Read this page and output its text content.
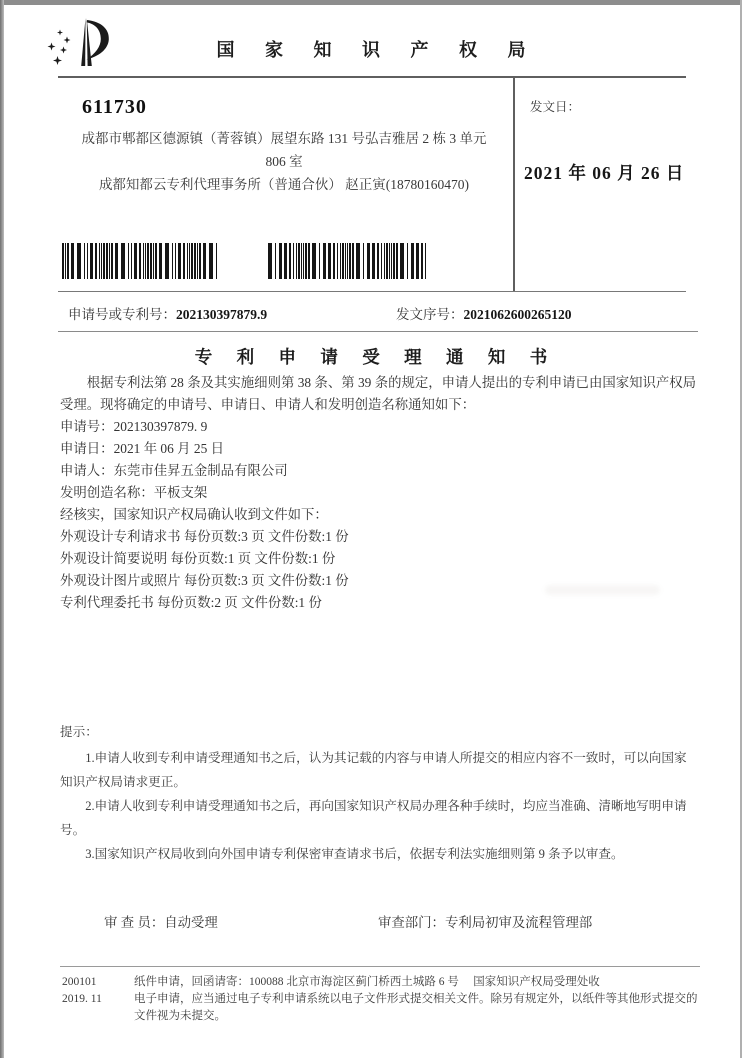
国 家 知 识 产 权 局
611730

成都市郫都区德源镇（菁蓉镇）展望东路 131 号弘吉雅居 2 栋 3 单元

806 室

成都知都云专利代理事务所（普通合伙） 赵正寅(18780160470)

发文日：
2021 年 06 月 26 日
申请号或专利号：202130397879.9	发文序号：2021062600265120
专 利 申 请 受 理 通 知 书

根据专利法第 28 条及其实施细则第 38 条、第 39 条的规定，申请人提出的专利申请已由国家知识产权局受理。现将确定的申请号、申请日、申请人和发明创造名称通知如下：

申请号：202130397879. 9

申请日：2021 年 06 月 25 日

申请人：东莞市佳昇五金制品有限公司

发明创造名称：平板支架

经核实，国家知识产权局确认收到文件如下：

外观设计专利请求书 每份页数:3 页 文件份数:1 份

外观设计简要说明 每份页数:1 页 文件份数:1 份

外观设计图片或照片 每份页数:3 页 文件份数:1 份

专利代理委托书 每份页数:2 页 文件份数:1 份

提示：

1.申请人收到专利申请受理通知书之后，认为其记载的内容与申请人所提交的相应内容不一致时，可以向国家知识产权局请求更正。
2.申请人收到专利申请受理通知书之后，再向国家知识产权局办理各种手续时，均应当准确、清晰地写明申请号。
3.国家知识产权局收到向外国申请专利保密审查请求书后，依据专利法实施细则第 9 条予以审查。
审 查 员：自动受理	审查部门：专利局初审及流程管理部
200101	纸件申请，回函请寄：100088 北京市海淀区蓟门桥西土城路 6 号　 国家知识产权局受理处收
2019. 11	电子申请，应当通过电子专利申请系统以电子文件形式提交相关文件。除另有规定外，以纸件等其他形式提交的文件视为未提交。
